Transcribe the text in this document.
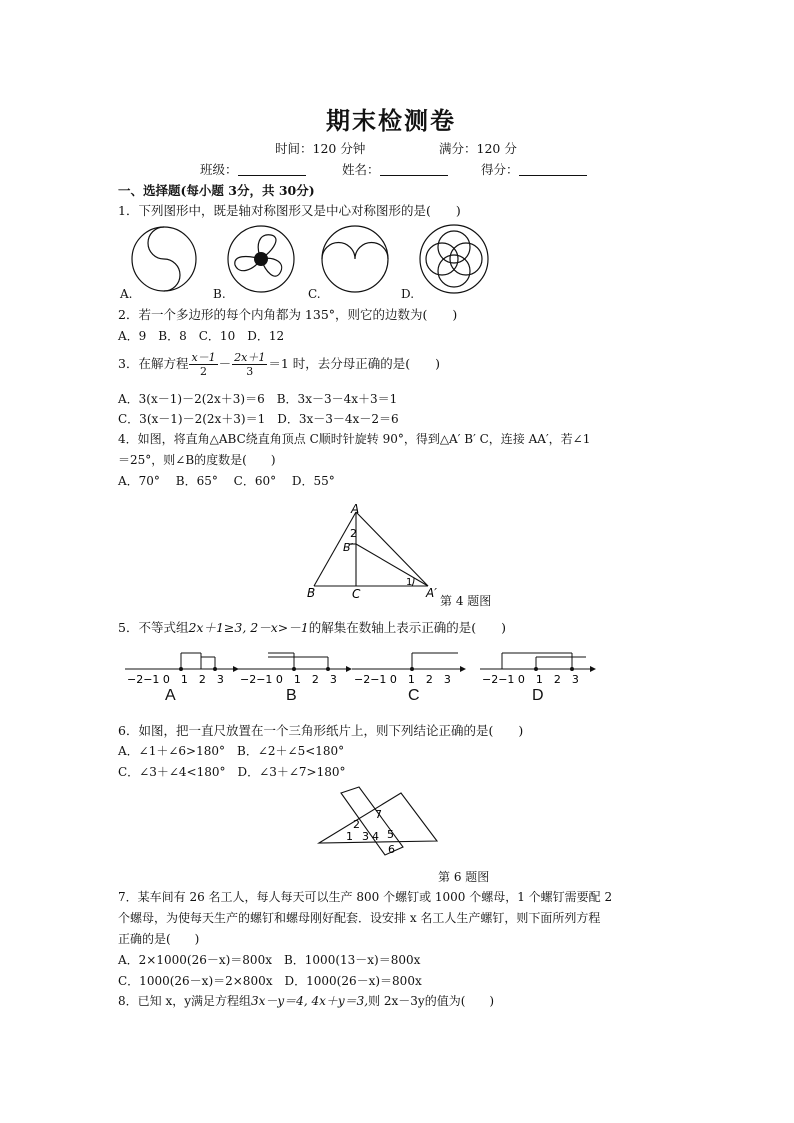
期末检测卷
时间：120 分钟	满分：120 分
班级：	姓名：	得分：
一、选择题(每小题 3分，共 30分)
1．下列图形中，既是轴对称图形又是中心对称图形的是(　　)
A.	B.	C.	D.
2．若一个多边形的每个内角都为 135°，则它的边数为(　　)
A．9　B．8　C．10　D．12
3．在解方程 $\frac{x-1}{2} - \frac{2x+1}{3} =1$ 时，去分母正确的是(　　)
A．3(x－1)－2(2x＋3)＝6　B．3x－3－4x＋3＝1
C．3(x－1)－2(2x＋3)＝1　D．3x－3－4x－2＝6
4．如图，将直角△ABC绕直角顶点 C顺时针旋转 90°，得到△A′ B′ C，连接 AA′，若∠1
＝25°，则∠B的度数是(　　)
A．70°　 B．65°　 C．60°　 D．55°
A
2
B′
1
B	C	A′
第 4 题图
5．不等式组2x＋1≥3, 2－x>－1的解集在数轴上表示正确的是(　　)
−2−1 0　1　2　3 −2−1 0　1　2　3 −2−1 0　1　2　3	−2−1 0　1　2　3
A	B	C	D
6．如图，把一直尺放置在一个三角形纸片上，则下列结论正确的是(　　)
A．∠1＋∠6>180°　B．∠2＋∠5<180°
C．∠3＋∠4<180°　D．∠3＋∠7>180°
2
7
1 3 4 5
6
第 6 题图
7．某车间有 26 名工人，每人每天可以生产 800 个螺钉或 1000 个螺母，1 个螺钉需要配 2
个螺母，为使每天生产的螺钉和螺母刚好配套．设安排 x 名工人生产螺钉，则下面所列方程
正确的是(　　)
A．2×1000(26－x)＝800x　B．1000(13－x)＝800x
C．1000(26－x)＝2×800x　D．1000(26－x)＝800x
8．已知 x，y满足方程组3x－y＝4, 4x＋y＝3,则 2x－3y的值为(　　)
